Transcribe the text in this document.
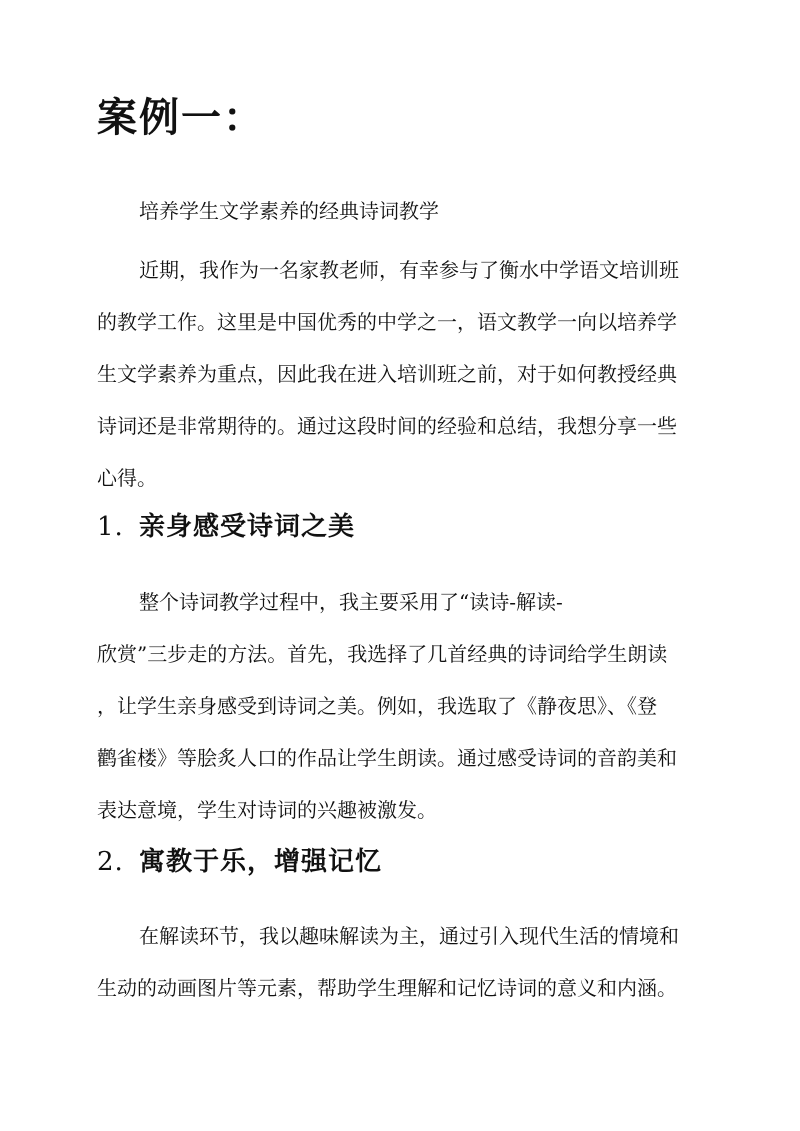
案例一：

培养学生文学素养的经典诗词教学

近期，我作为一名家教老师，有幸参与了衡水中学语文培训班
的教学工作。这里是中国优秀的中学之一，语文教学一向以培养学
生文学素养为重点，因此我在进入培训班之前，对于如何教授经典
诗词还是非常期待的。通过这段时间的经验和总结，我想分享一些
心得。
1. 亲身感受诗词之美
整个诗词教学过程中，我主要采用了“读诗-解读-
欣赏”三步走的方法。首先，我选择了几首经典的诗词给学生朗读
，让学生亲身感受到诗词之美。例如，我选取了《静夜思》、《登
鹳雀楼》等脍炙人口的作品让学生朗读。通过感受诗词的音韵美和
表达意境，学生对诗词的兴趣被激发。
2. 寓教于乐，增强记忆
在解读环节，我以趣味解读为主，通过引入现代生活的情境和
生动的动画图片等元素，帮助学生理解和记忆诗词的意义和内涵。
